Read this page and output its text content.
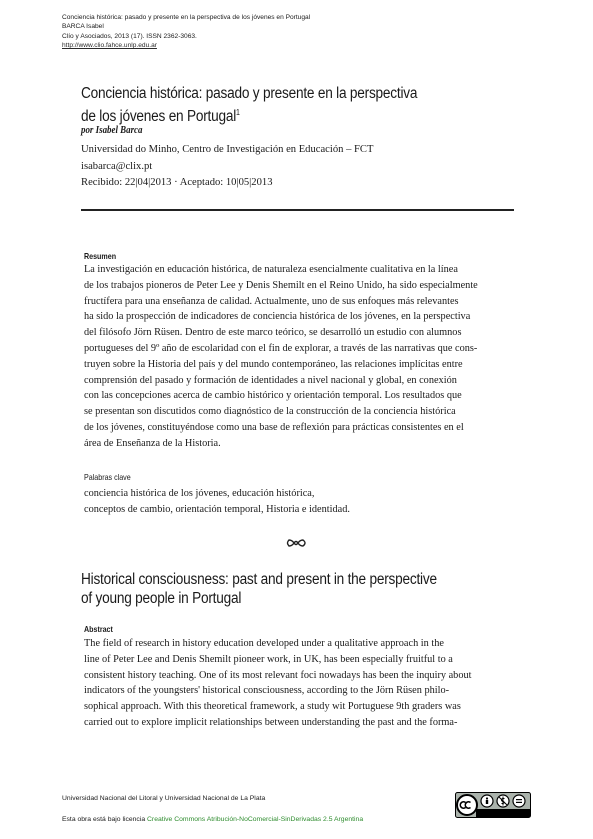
Conciencia histórica: pasado y presente en la perspectiva de los jóvenes en Portugal
BARCA Isabel
Clío y Asociados, 2013 (17). ISSN 2362-3063.
http://www.clio.fahce.unlp.edu.ar
Conciencia histórica: pasado y presente en la perspectiva
de los jóvenes en Portugal$^1$
por Isabel Barca
Universidad do Minho, Centro de Investigación en Educación – FCT
isabarca@clix.pt
Recibido: 22|04|2013 · Aceptado: 10|05|2013
Resumen
La investigación en educación histórica, de naturaleza esencialmente cualitativa en la línea
de los trabajos pioneros de Peter Lee y Denis Shemilt en el Reino Unido, ha sido especialmente
fructífera para una enseñanza de calidad. Actualmente, uno de sus enfoques más relevantes
ha sido la prospección de indicadores de conciencia histórica de los jóvenes, en la perspectiva
del filósofo Jörn Rüsen. Dentro de este marco teórico, se desarrolló un estudio con alumnos
portugueses del 9º año de escolaridad con el fin de explorar, a través de las narrativas que cons-
truyen sobre la Historia del país y del mundo contemporáneo, las relaciones implícitas entre
comprensión del pasado y formación de identidades a nivel nacional y global, en conexión
con las concepciones acerca de cambio histórico y orientación temporal. Los resultados que
se presentan son discutidos como diagnóstico de la construcción de la conciencia histórica
de los jóvenes, constituyéndose como una base de reflexión para prácticas consistentes en el
área de Enseñanza de la Historia.
Palabras clave
conciencia histórica de los jóvenes, educación histórica,
conceptos de cambio, orientación temporal, Historia e identidad.
Historical consciousness: past and present in the perspective
of young people in Portugal
Abstract
The field of research in history education developed under a qualitative approach in the
line of Peter Lee and Denis Shemilt pioneer work, in UK, has been especially fruitful to a
consistent history teaching. One of its most relevant foci nowadays has been the inquiry about
indicators of the youngsters' historical consciousness, according to the Jörn Rüsen philo-
sophical approach. With this theoretical framework, a study wit Portuguese 9th graders was
carried out to explore implicit relationships between understanding the past and the forma-
Universidad Nacional del Litoral y Universidad Nacional de La Plata
Esta obra está bajo licencia Creative Commons Atribución-NoComercial-SinDerivadas 2.5 Argentina
